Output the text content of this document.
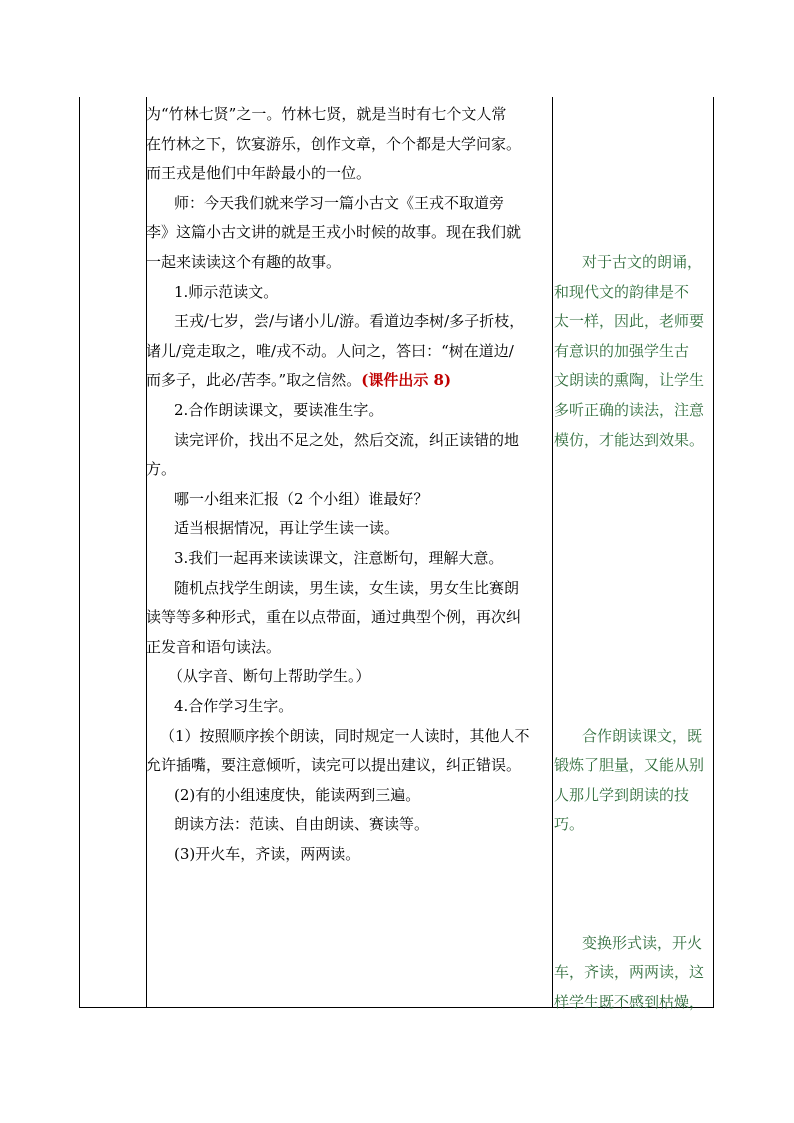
为“竹林七贤”之一。竹林七贤，就是当时有七个文人常
在竹林之下，饮宴游乐，创作文章，个个都是大学问家。
而王戎是他们中年龄最小的一位。
师：今天我们就来学习一篇小古文《王戎不取道旁
李》这篇小古文讲的就是王戎小时候的故事。现在我们就
一起来读读这个有趣的故事。
1.师示范读文。
王戎/七岁，尝/与诸小儿/游。看道边李树/多子折枝，
诸儿/竞走取之，唯/戎不动。人问之，答曰：“树在道边/
而多子，此必/苦李。”取之信然。(课件出示 8)
2.合作朗读课文，要读准生字。
读完评价，找出不足之处，然后交流，纠正读错的地
方。
哪一小组来汇报（2 个小组）谁最好？
适当根据情况，再让学生读一读。
3.我们一起再来读读课文，注意断句，理解大意。
随机点找学生朗读，男生读，女生读，男女生比赛朗
读等等多种形式，重在以点带面，通过典型个例，再次纠
正发音和语句读法。
（从字音、断句上帮助学生。）
4.合作学习生字。
（1）按照顺序挨个朗读，同时规定一人读时，其他人不
允许插嘴，要注意倾听，读完可以提出建议，纠正错误。
(2)有的小组速度快，能读两到三遍。
朗读方法：范读、自由朗读、赛读等。
(3)开火车，齐读，两两读。
对于古文的朗诵，
和现代文的韵律是不
太一样，因此，老师要
有意识的加强学生古
文朗读的熏陶，让学生
多听正确的读法，注意
模仿，才能达到效果。
合作朗读课文，既
锻炼了胆量，又能从别
人那儿学到朗读的技
巧。
变换形式读，开火
车，齐读，两两读，这
样学生既不感到枯燥，
